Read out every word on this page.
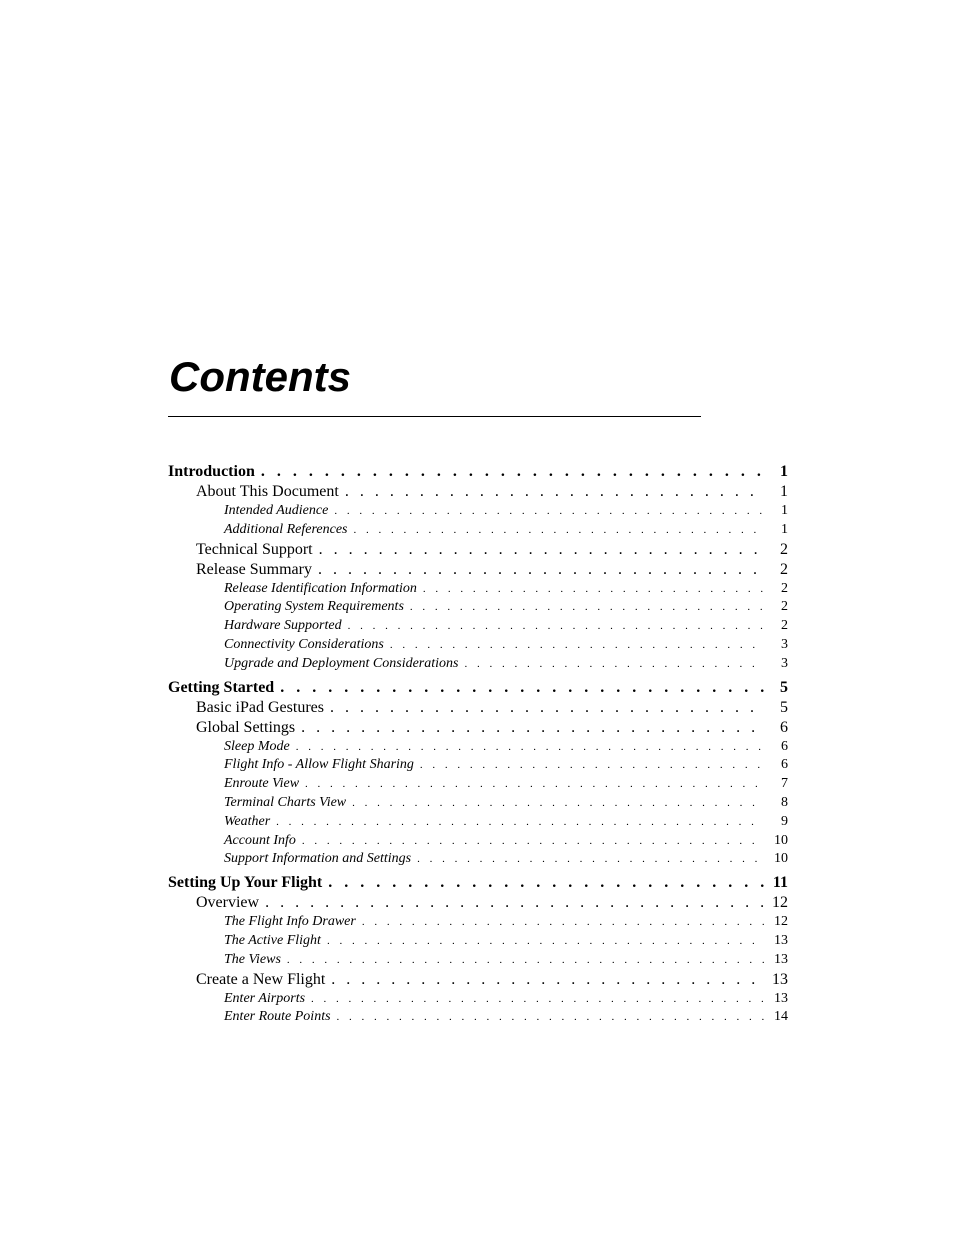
Contents
Introduction . . .	1
About This Document . . .	1
Intended Audience . . .	1
Additional References . . .	1
Technical Support . . .	2
Release Summary . . .	2
Release Identification Information . . .	2
Operating System Requirements . . .	2
Hardware Supported . . .	2
Connectivity Considerations . . .	3
Upgrade and Deployment Considerations . . .	3
Getting Started . . .	5
Basic iPad Gestures . . .	5
Global Settings . . .	6
Sleep Mode . . .	6
Flight Info - Allow Flight Sharing . . .	6
Enroute View . . .	7
Terminal Charts View . . .	8
Weather . . .	9
Account Info . . .	10
Support Information and Settings . . .	10
Setting Up Your Flight . . .	11
Overview . . .	12
The Flight Info Drawer . . .	12
The Active Flight . . .	13
The Views . . .	13
Create a New Flight . . .	13
Enter Airports . . .	13
Enter Route Points . . .	14
